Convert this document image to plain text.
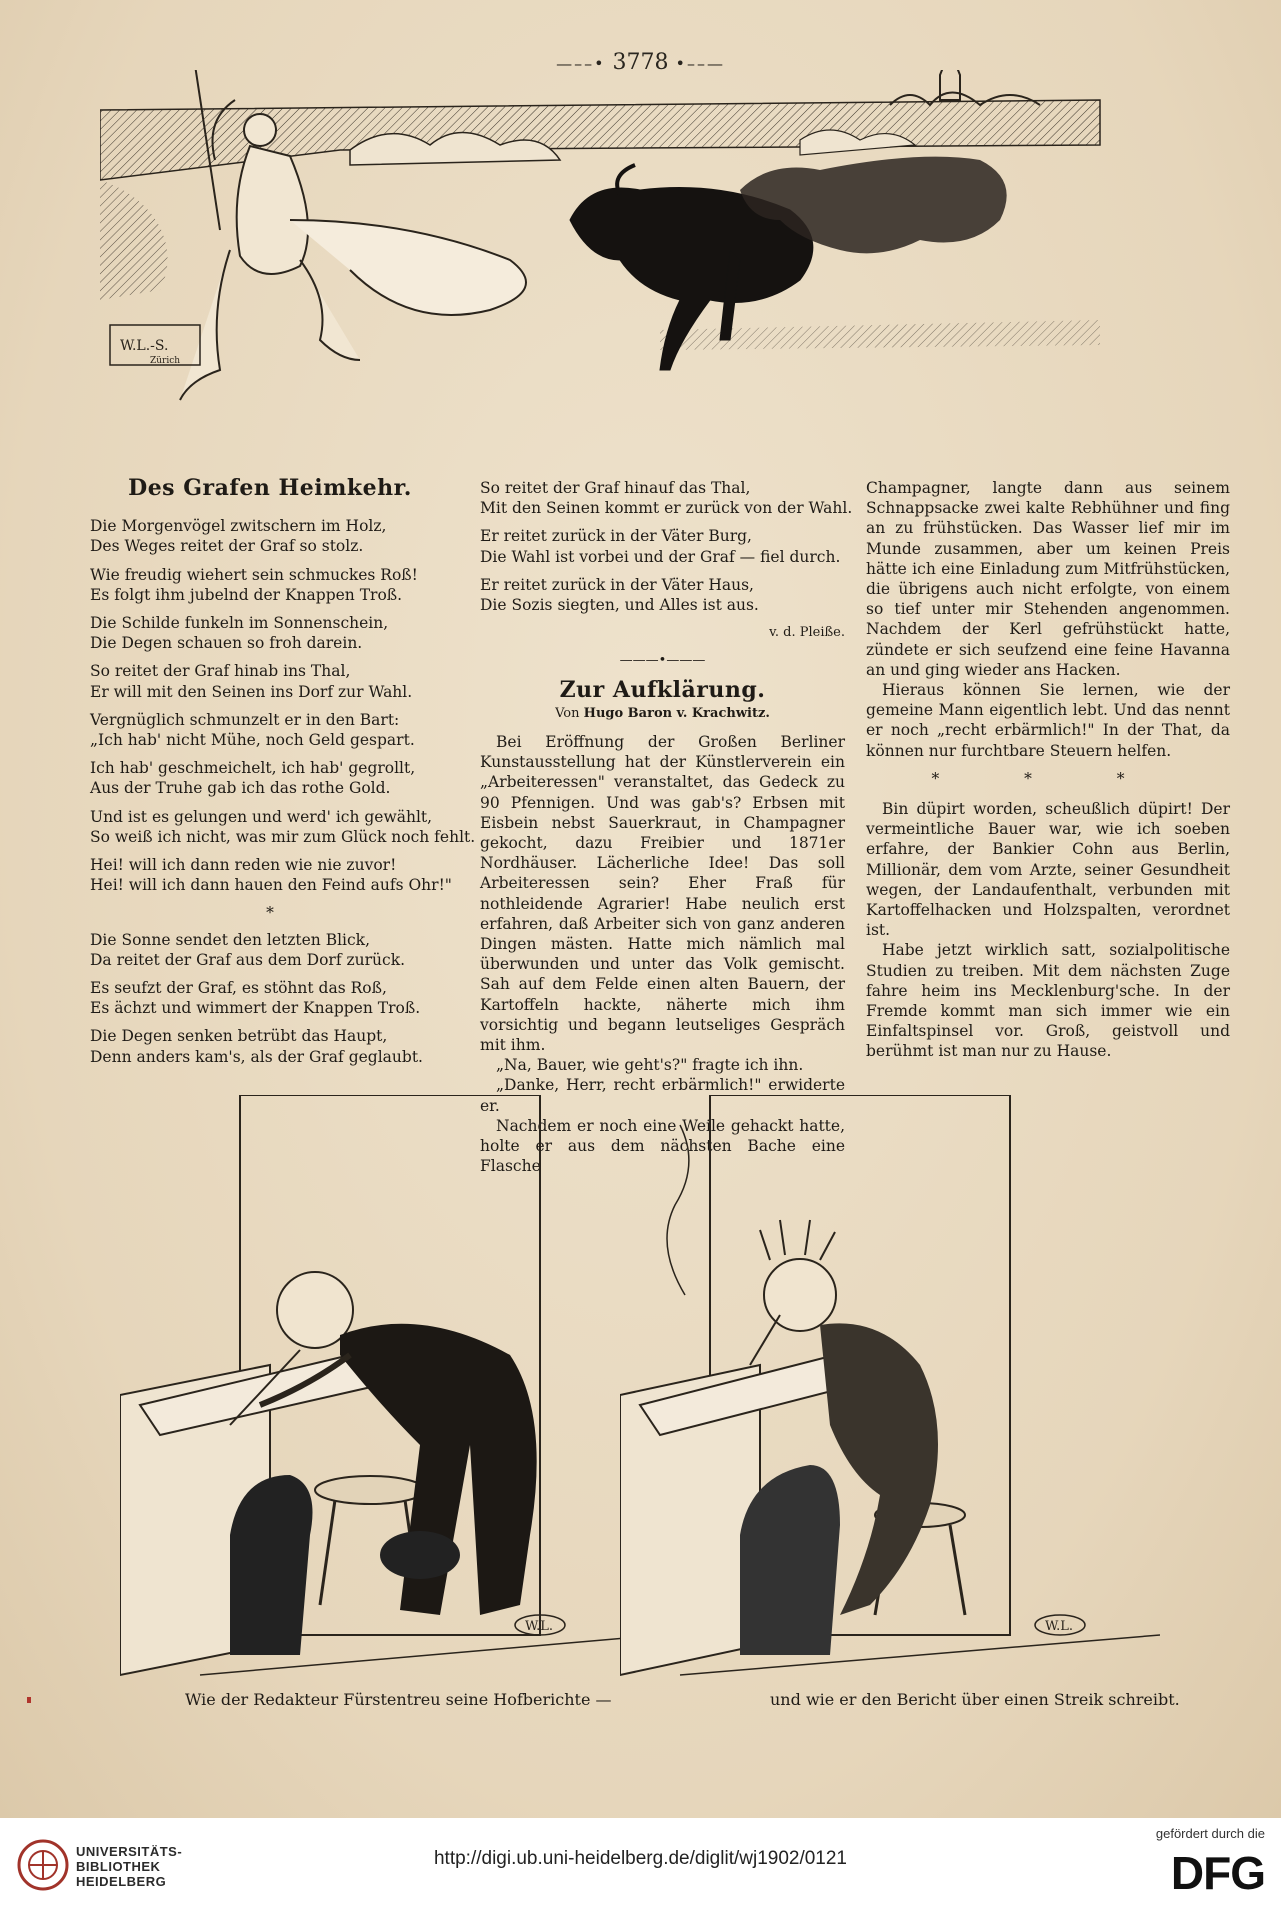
—––• 3778 •––—
W.L.-S.
Zürich
Des Grafen Heimkehr.
Die Morgenvögel zwitschern im Holz,
Des Weges reitet der Graf so stolz.
Wie freudig wiehert sein schmuckes Roß!
Es folgt ihm jubelnd der Knappen Troß.
Die Schilde funkeln im Sonnenschein,
Die Degen schauen so froh darein.
So reitet der Graf hinab ins Thal,
Er will mit den Seinen ins Dorf zur Wahl.
Vergnüglich schmunzelt er in den Bart:
„Ich hab' nicht Mühe, noch Geld gespart.
Ich hab' geschmeichelt, ich hab' gegrollt,
Aus der Truhe gab ich das rothe Gold.
Und ist es gelungen und werd' ich gewählt,
So weiß ich nicht, was mir zum Glück noch fehlt.
Hei! will ich dann reden wie nie zuvor!
Hei! will ich dann hauen den Feind aufs Ohr!"
*
Die Sonne sendet den letzten Blick,
Da reitet der Graf aus dem Dorf zurück.
Es seufzt der Graf, es stöhnt das Roß,
Es ächzt und wimmert der Knappen Troß.
Die Degen senken betrübt das Haupt,
Denn anders kam's, als der Graf geglaubt.
So reitet der Graf hinauf das Thal,
Mit den Seinen kommt er zurück von der Wahl.
Er reitet zurück in der Väter Burg,
Die Wahl ist vorbei und der Graf — fiel durch.
Er reitet zurück in der Väter Haus,
Die Sozis siegten, und Alles ist aus.
v. d. Pleiße.
———•———
Zur Aufklärung.
Von Hugo Baron v. Krachwitz.

Bei Eröffnung der Großen Berliner Kunstausstellung hat der Künstlerverein ein „Arbeiteressen" veranstaltet, das Gedeck zu 90 Pfennigen. Und was gab's? Erbsen mit Eisbein nebst Sauerkraut, in Champagner gekocht, dazu Freibier und 1871er Nordhäuser. Lächerliche Idee! Das soll Arbeiteressen sein? Eher Fraß für nothleidende Agrarier! Habe neulich erst erfahren, daß Arbeiter sich von ganz anderen Dingen mästen. Hatte mich nämlich mal überwunden und unter das Volk gemischt. Sah auf dem Felde einen alten Bauern, der Kartoffeln hackte, näherte mich ihm vorsichtig und begann leutseliges Gespräch mit ihm.

„Na, Bauer, wie geht's?" fragte ich ihn.

„Danke, Herr, recht erbärmlich!" erwiderte er.

Nachdem er noch eine Weile gehackt hatte, holte er aus dem nächsten Bache eine Flasche

Champagner, langte dann aus seinem Schnappsacke zwei kalte Rebhühner und fing an zu frühstücken. Das Wasser lief mir im Munde zusammen, aber um keinen Preis hätte ich eine Einladung zum Mitfrühstücken, die übrigens auch nicht erfolgte, von einem so tief unter mir Stehenden angenommen. Nachdem der Kerl gefrühstückt hatte, zündete er sich seufzend eine feine Havanna an und ging wieder ans Hacken.

Hieraus können Sie lernen, wie der gemeine Mann eigentlich lebt. Und das nennt er noch „recht erbärmlich!" In der That, da können nur furchtbare Steuern helfen.

* * *

Bin düpirt worden, scheußlich düpirt! Der vermeintliche Bauer war, wie ich soeben erfahre, der Bankier Cohn aus Berlin, Millionär, dem vom Arzte, seiner Gesundheit wegen, der Landaufenthalt, verbunden mit Kartoffelhacken und Holzspalten, verordnet ist.

Habe jetzt wirklich satt, sozialpolitische Studien zu treiben. Mit dem nächsten Zuge fahre heim ins Mecklenburg'sche. In der Fremde kommt man sich immer wie ein Einfaltspinsel vor. Groß, geistvoll und berühmt ist man nur zu Hause.

W.L.	W.L.
Wie der Redakteur Fürstentreu seine Hofberichte —	und wie er den Bericht über einen Streik schreibt.
UNIVERSITÄTS-
BIBLIOTHEK
HEIDELBERG
http://digi.ub.uni-heidelberg.de/diglit/wj1902/0121
gefördert durch die
DFG
